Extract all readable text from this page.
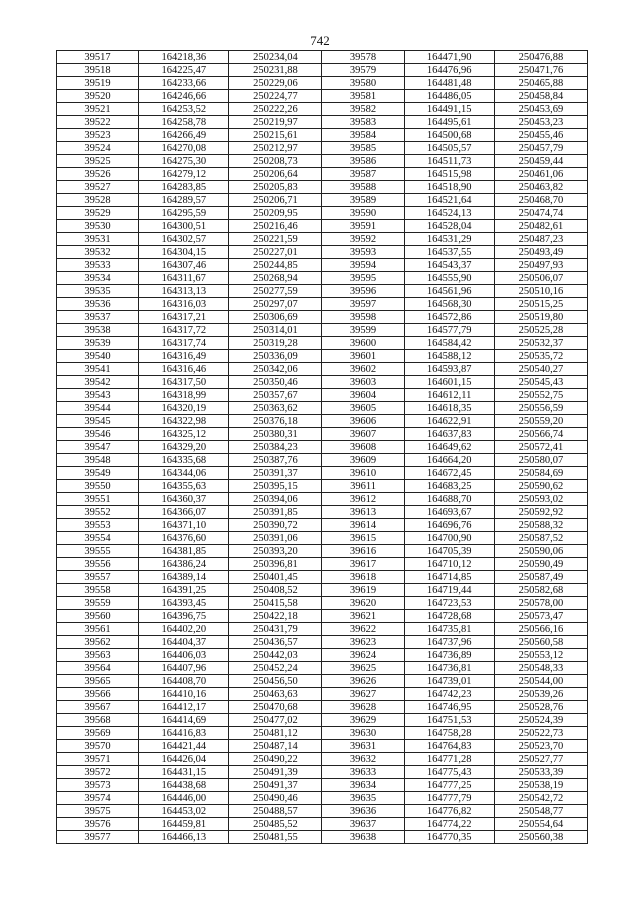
742
39517	164218,36	250234,04	39578	164471,90	250476,88
39518	164225,47	250231,88	39579	164476,96	250471,76
39519	164233,66	250229,06	39580	164481,48	250465,88
39520	164246,66	250224,77	39581	164486,05	250458,84
39521	164253,52	250222,26	39582	164491,15	250453,69
39522	164258,78	250219,97	39583	164495,61	250453,23
39523	164266,49	250215,61	39584	164500,68	250455,46
39524	164270,08	250212,97	39585	164505,57	250457,79
39525	164275,30	250208,73	39586	164511,73	250459,44
39526	164279,12	250206,64	39587	164515,98	250461,06
39527	164283,85	250205,83	39588	164518,90	250463,82
39528	164289,57	250206,71	39589	164521,64	250468,70
39529	164295,59	250209,95	39590	164524,13	250474,74
39530	164300,51	250216,46	39591	164528,04	250482,61
39531	164302,57	250221,59	39592	164531,29	250487,23
39532	164304,15	250227,01	39593	164537,55	250493,49
39533	164307,46	250244,85	39594	164543,37	250497,93
39534	164311,67	250268,94	39595	164555,90	250506,07
39535	164313,13	250277,59	39596	164561,96	250510,16
39536	164316,03	250297,07	39597	164568,30	250515,25
39537	164317,21	250306,69	39598	164572,86	250519,80
39538	164317,72	250314,01	39599	164577,79	250525,28
39539	164317,74	250319,28	39600	164584,42	250532,37
39540	164316,49	250336,09	39601	164588,12	250535,72
39541	164316,46	250342,06	39602	164593,87	250540,27
39542	164317,50	250350,46	39603	164601,15	250545,43
39543	164318,99	250357,67	39604	164612,11	250552,75
39544	164320,19	250363,62	39605	164618,35	250556,59
39545	164322,98	250376,18	39606	164622,91	250559,20
39546	164325,12	250380,31	39607	164637,83	250566,74
39547	164329,20	250384,23	39608	164649,62	250572,41
39548	164335,68	250387,76	39609	164664,20	250580,07
39549	164344,06	250391,37	39610	164672,45	250584,69
39550	164355,63	250395,15	39611	164683,25	250590,62
39551	164360,37	250394,06	39612	164688,70	250593,02
39552	164366,07	250391,85	39613	164693,67	250592,92
39553	164371,10	250390,72	39614	164696,76	250588,32
39554	164376,60	250391,06	39615	164700,90	250587,52
39555	164381,85	250393,20	39616	164705,39	250590,06
39556	164386,24	250396,81	39617	164710,12	250590,49
39557	164389,14	250401,45	39618	164714,85	250587,49
39558	164391,25	250408,52	39619	164719,44	250582,68
39559	164393,45	250415,58	39620	164723,53	250578,00
39560	164396,75	250422,18	39621	164728,68	250573,47
39561	164402,20	250431,79	39622	164735,81	250566,16
39562	164404,37	250436,57	39623	164737,96	250560,58
39563	164406,03	250442,03	39624	164736,89	250553,12
39564	164407,96	250452,24	39625	164736,81	250548,33
39565	164408,70	250456,50	39626	164739,01	250544,00
39566	164410,16	250463,63	39627	164742,23	250539,26
39567	164412,17	250470,68	39628	164746,95	250528,76
39568	164414,69	250477,02	39629	164751,53	250524,39
39569	164416,83	250481,12	39630	164758,28	250522,73
39570	164421,44	250487,14	39631	164764,83	250523,70
39571	164426,04	250490,22	39632	164771,28	250527,77
39572	164431,15	250491,39	39633	164775,43	250533,39
39573	164438,68	250491,37	39634	164777,25	250538,19
39574	164446,00	250490,46	39635	164777,79	250542,72
39575	164453,02	250488,57	39636	164776,82	250548,77
39576	164459,81	250485,52	39637	164774,22	250554,64
39577	164466,13	250481,55	39638	164770,35	250560,38
